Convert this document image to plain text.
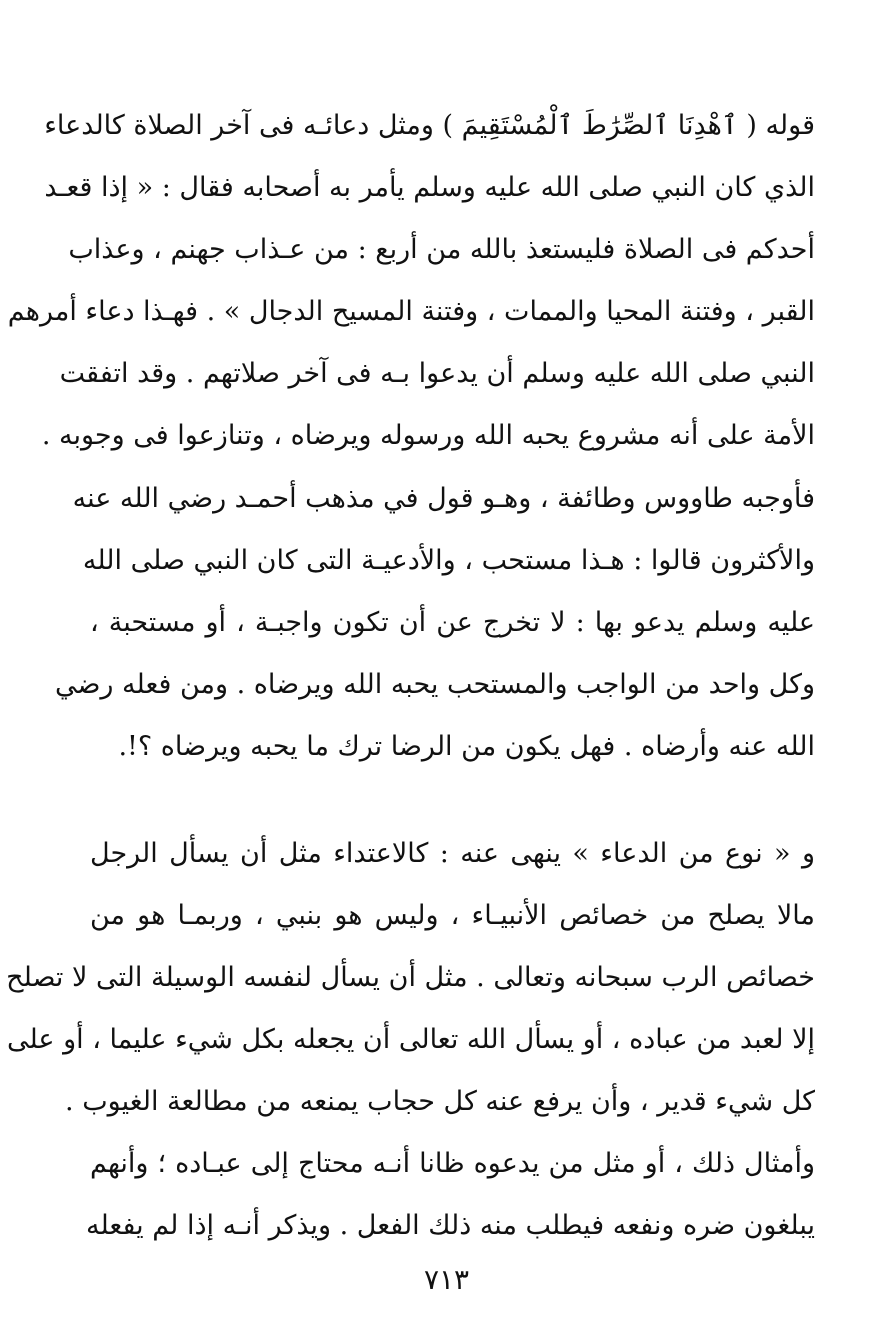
قوله ( ٱهْدِنَا ٱلصِّرَٰطَ ٱلْمُسْتَقِيمَ ) ومثل دعائـه فى آخر الصلاة كالدعاء
الذي كان النبي صلى الله عليه وسلم يأمر به أصحابه فقال : « إذا قعـد
أحدكم فى الصلاة فليستعذ بالله من أربع : من عـذاب جهنم ، وعذاب
القبر ، وفتنة المحيا والممات ، وفتنة المسيح الدجال » . فهـذا دعاء أمرهم
النبي صلى الله عليه وسلم أن يدعوا بـه فى آخر صلاتهم . وقد اتفقت
الأمة على أنه مشروع يحبه الله ورسوله ويرضاه ، وتنازعوا فى وجوبه .
فأوجبه طاووس وطائفة ، وهـو قول في مذهب أحمـد رضي الله عنه
والأكثرون قالوا : هـذا مستحب ، والأدعيـة التى كان النبي صلى الله
عليه وسلم يدعو بها : لا تخرج عن أن تكون واجبـة ، أو مستحبة ،
وكل واحد من الواجب والمستحب يحبه الله ويرضاه . ومن فعله رضي
الله عنه وأرضاه . فهل يكون من الرضا ترك ما يحبه ويرضاه ؟!.
و « نوع من الدعاء » ينهى عنه : كالاعتداء مثل أن يسأل الرجل
مالا يصلح من خصائص الأنبيـاء ، وليس هو بنبي ، وربمـا هو من
خصائص الرب سبحانه وتعالى . مثل أن يسأل لنفسه الوسيلة التى لا تصلح
إلا لعبد من عباده ، أو يسأل الله تعالى أن يجعله بكل شيء عليما ، أو على
كل شيء قدير ، وأن يرفع عنه كل حجاب يمنعه من مطالعة الغيوب .
وأمثال ذلك ، أو مثل من يدعوه ظانا أنـه محتاج إلى عبـاده ؛ وأنهم
يبلغون ضره ونفعه فيطلب منه ذلك الفعل . ويذكر أنـه إذا لم يفعله
٧١٣
